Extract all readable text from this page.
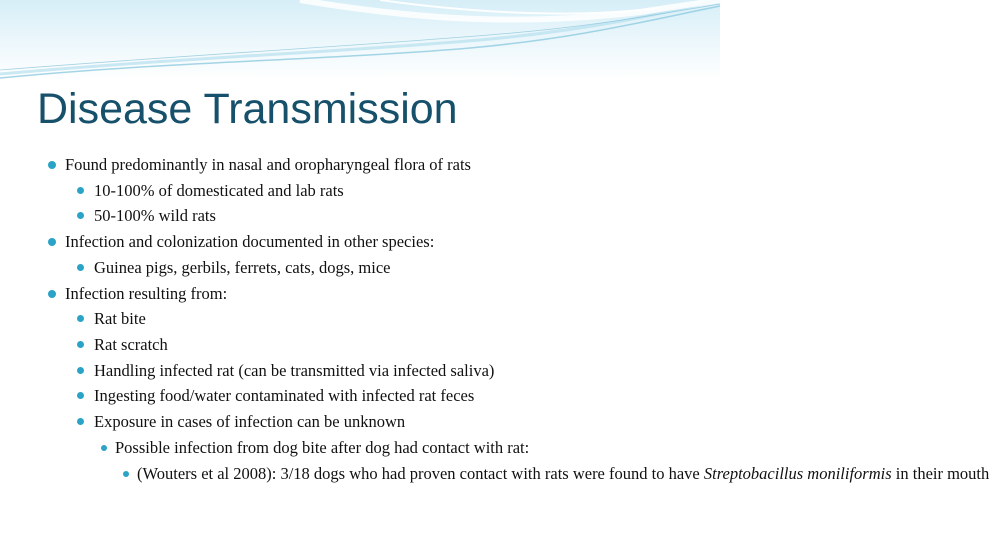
Disease Transmission
Found predominantly in nasal and oropharyngeal flora of rats
10-100% of domesticated and lab rats
50-100% wild rats
Infection and colonization documented in other species:
Guinea pigs, gerbils, ferrets, cats, dogs, mice
Infection resulting from:
Rat bite
Rat scratch
Handling infected rat (can be transmitted via infected saliva)
Ingesting food/water contaminated with infected rat feces
Exposure in cases of infection can be unknown
Possible infection from dog bite after dog had contact with rat:
(Wouters et al 2008): 3/18 dogs who had proven contact with rats were found to have Streptobacillus moniliformis in their mouth
